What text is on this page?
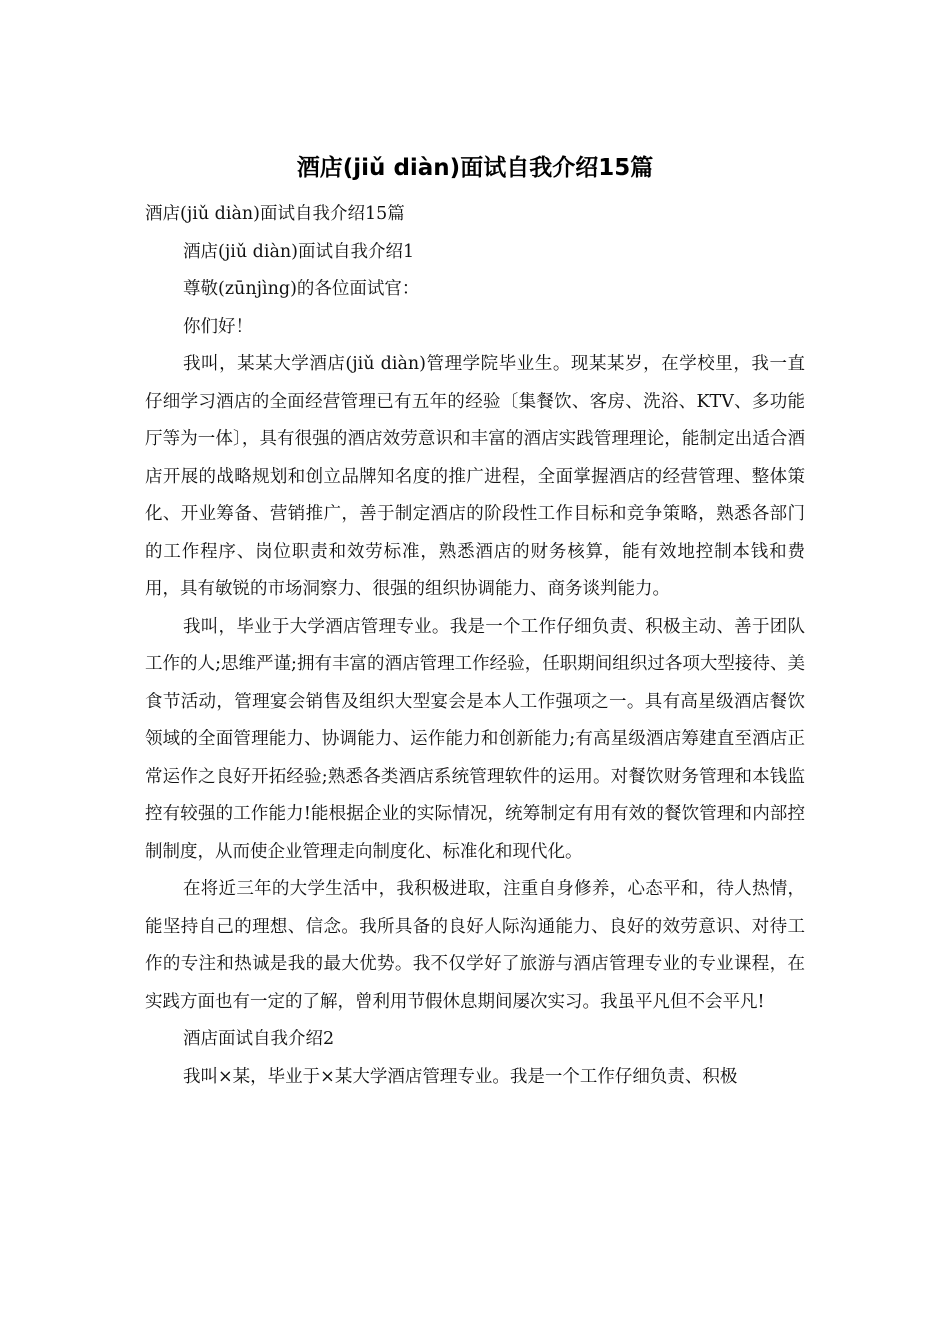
酒店(jiǔ diàn)面试自我介绍15篇

酒店(jiǔ diàn)面试自我介绍15篇

酒店(jiǔ diàn)面试自我介绍1

尊敬(zūnjìng)的各位面试官：

你们好！

我叫，某某大学酒店(jiǔ diàn)管理学院毕业生。现某某岁，在学校里，我一直仔细学习酒店的全面经营管理已有五年的经验〔集餐饮、客房、洗浴、KTV、多功能厅等为一体〕，具有很强的酒店效劳意识和丰富的酒店实践管理理论，能制定出适合酒店开展的战略规划和创立品牌知名度的推广进程，全面掌握酒店的经营管理、整体策化、开业筹备、营销推广，善于制定酒店的阶段性工作目标和竞争策略，熟悉各部门的工作程序、岗位职责和效劳标准，熟悉酒店的财务核算，能有效地控制本钱和费用，具有敏锐的市场洞察力、很强的组织协调能力、商务谈判能力。

我叫，毕业于大学酒店管理专业。我是一个工作仔细负责、积极主动、善于团队工作的人;思维严谨;拥有丰富的酒店管理工作经验，任职期间组织过各项大型接待、美食节活动，管理宴会销售及组织大型宴会是本人工作强项之一。具有高星级酒店餐饮领域的全面管理能力、协调能力、运作能力和创新能力;有高星级酒店筹建直至酒店正常运作之良好开拓经验;熟悉各类酒店系统管理软件的运用。对餐饮财务管理和本钱监控有较强的工作能力!能根据企业的实际情况，统筹制定有用有效的餐饮管理和内部控制制度，从而使企业管理走向制度化、标准化和现代化。

在将近三年的大学生活中，我积极进取，注重自身修养，心态平和，待人热情，能坚持自己的理想、信念。我所具备的良好人际沟通能力、良好的效劳意识、对待工作的专注和热诚是我的最大优势。我不仅学好了旅游与酒店管理专业的专业课程，在实践方面也有一定的了解，曾利用节假休息期间屡次实习。我虽平凡但不会平凡!

酒店面试自我介绍2

我叫×某，毕业于×某大学酒店管理专业。我是一个工作仔细负责、积极
